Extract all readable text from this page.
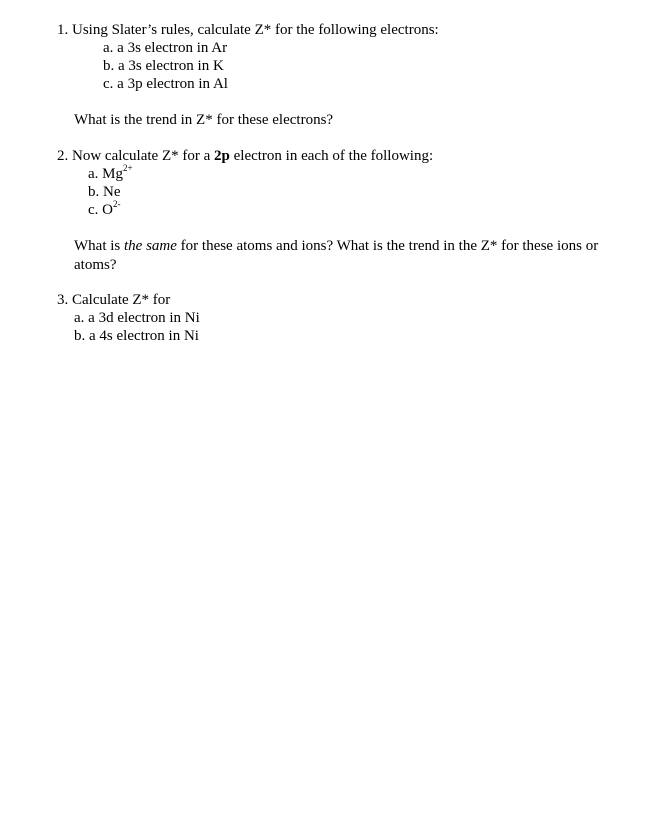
1. Using Slater’s rules, calculate Z* for the following electrons:
a. a 3s electron in Ar
b. a 3s electron in K
c. a 3p electron in Al
What is the trend in Z* for these electrons?
2. Now calculate Z* for a 2p electron in each of the following:
a. $Mg^{2+}$
b. Ne
c. $O^{2-}$
What is the same for these atoms and ions? What is the trend in the Z* for these ions or atoms?
3. Calculate Z* for
a. a 3d electron in Ni
b. a 4s electron in Ni
